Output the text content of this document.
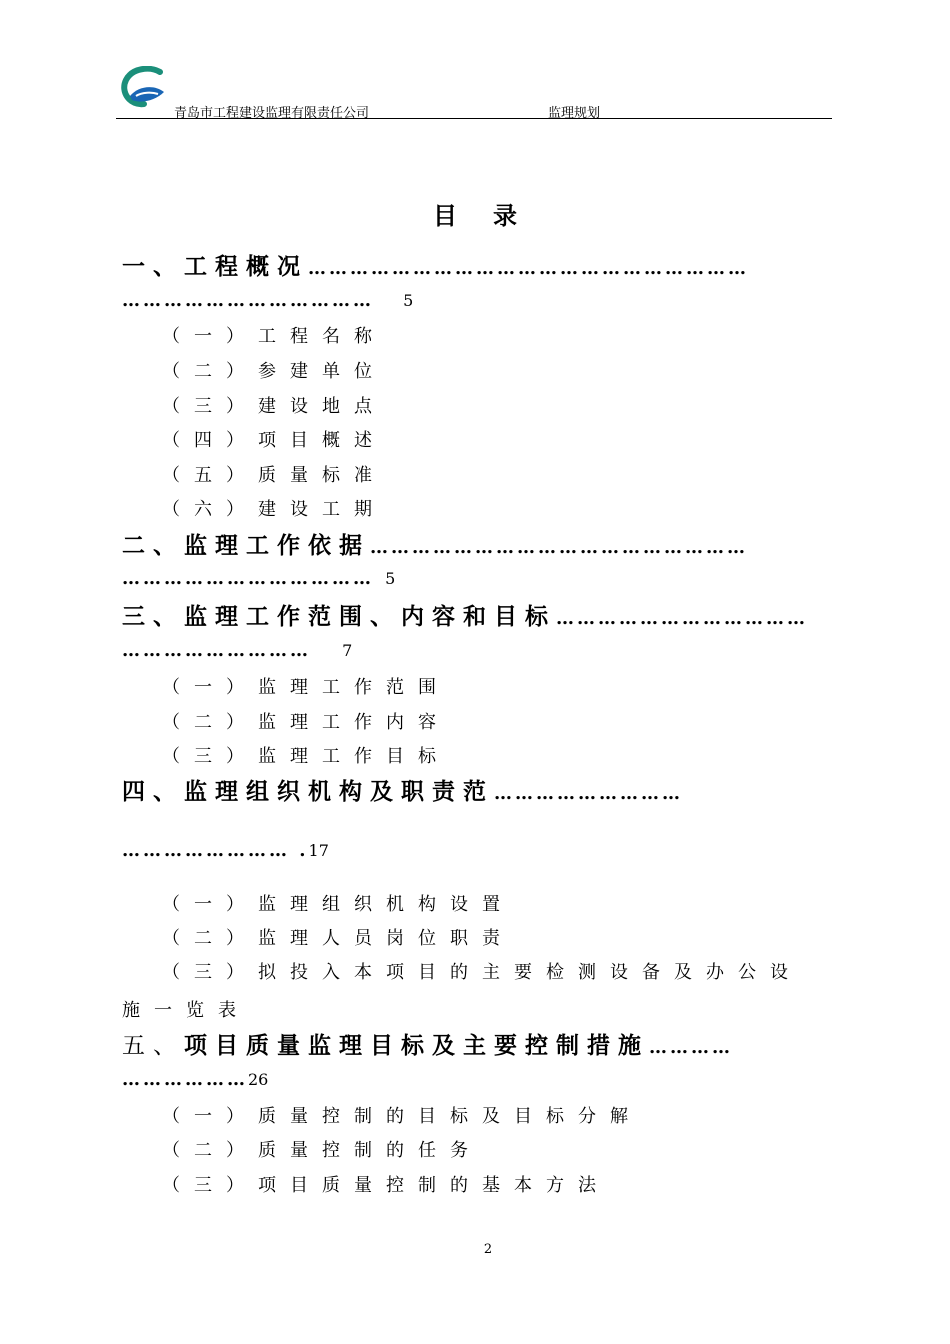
青岛市工程建设监理有限责任公司	监理规划
目录
一、工程概况………………………………………………………
……………………………… 5
（一）工程名称
（二）参建单位
（三）建设地点
（四）项目概述
（五）质量标准
（六）建设工期
二、监理工作依据………………………………………………
……………………………… 5
三、监理工作范围、内容和目标………………………………
……………………… 7
（一）监理工作范围
（二）监理工作内容
（三）监理工作目标
四、监理组织机构及职责范………………………
…………………… .17
（一）监理组织机构设置
（二）监理人员岗位职责
（三）拟投入本项目的主要检测设备及办公设
施一览表
五、项目质量监理目标及主要控制措施…………
………………26
（一）质量控制的目标及目标分解
（二）质量控制的任务
（三）项目质量控制的基本方法
2
